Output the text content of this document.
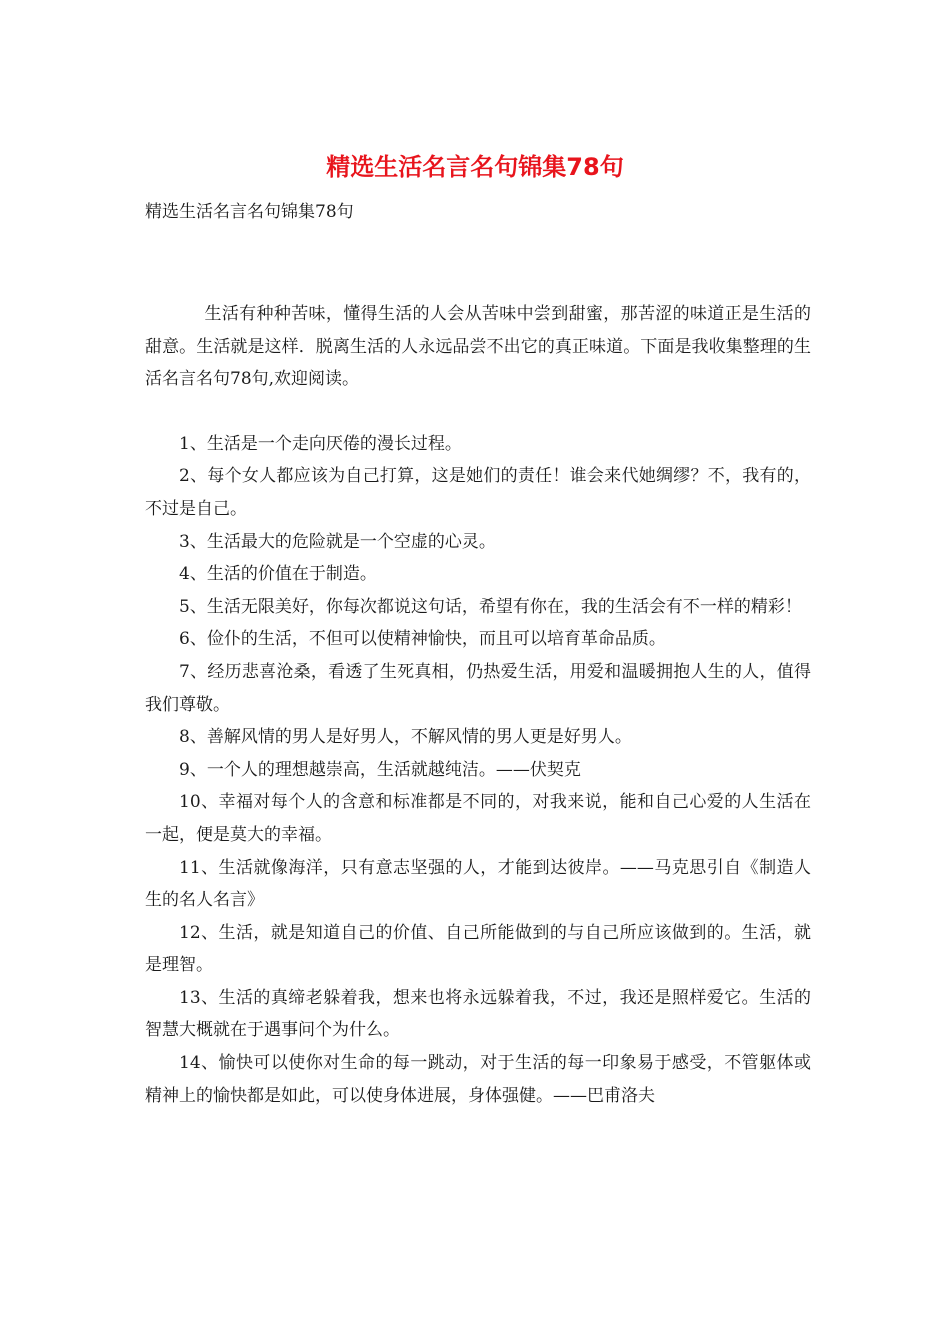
精选生活名言名句锦集78句

精选生活名言名句锦集78句

生活有种种苦味，懂得生活的人会从苦味中尝到甜蜜，那苦涩的味道正是生活的甜意。生活就是这样．脱离生活的人永远品尝不出它的真正味道。下面是我收集整理的生活名言名句78句,欢迎阅读。

1、生活是一个走向厌倦的漫长过程。

2、每个女人都应该为自己打算，这是她们的责任！谁会来代她绸缪？不，我有的，不过是自己。

3、生活最大的危险就是一个空虚的心灵。

4、生活的价值在于制造。

5、生活无限美好，你每次都说这句话，希望有你在，我的生活会有不一样的精彩！

6、俭仆的生活，不但可以使精神愉快，而且可以培育革命品质。

7、经历悲喜沧桑，看透了生死真相，仍热爱生活，用爱和温暖拥抱人生的人，值得我们尊敬。

8、善解风情的男人是好男人，不解风情的男人更是好男人。

9、一个人的理想越崇高，生活就越纯洁。——伏契克

10、幸福对每个人的含意和标准都是不同的，对我来说，能和自己心爱的人生活在一起，便是莫大的幸福。

11、生活就像海洋，只有意志坚强的人，才能到达彼岸。——马克思引自《制造人生的名人名言》

12、生活，就是知道自己的价值、自己所能做到的与自己所应该做到的。生活，就是理智。

13、生活的真缔老躲着我，想来也将永远躲着我，不过，我还是照样爱它。生活的智慧大概就在于遇事问个为什么。

14、愉快可以使你对生命的每一跳动，对于生活的每一印象易于感受，不管躯体或精神上的愉快都是如此，可以使身体进展，身体强健。——巴甫洛夫
